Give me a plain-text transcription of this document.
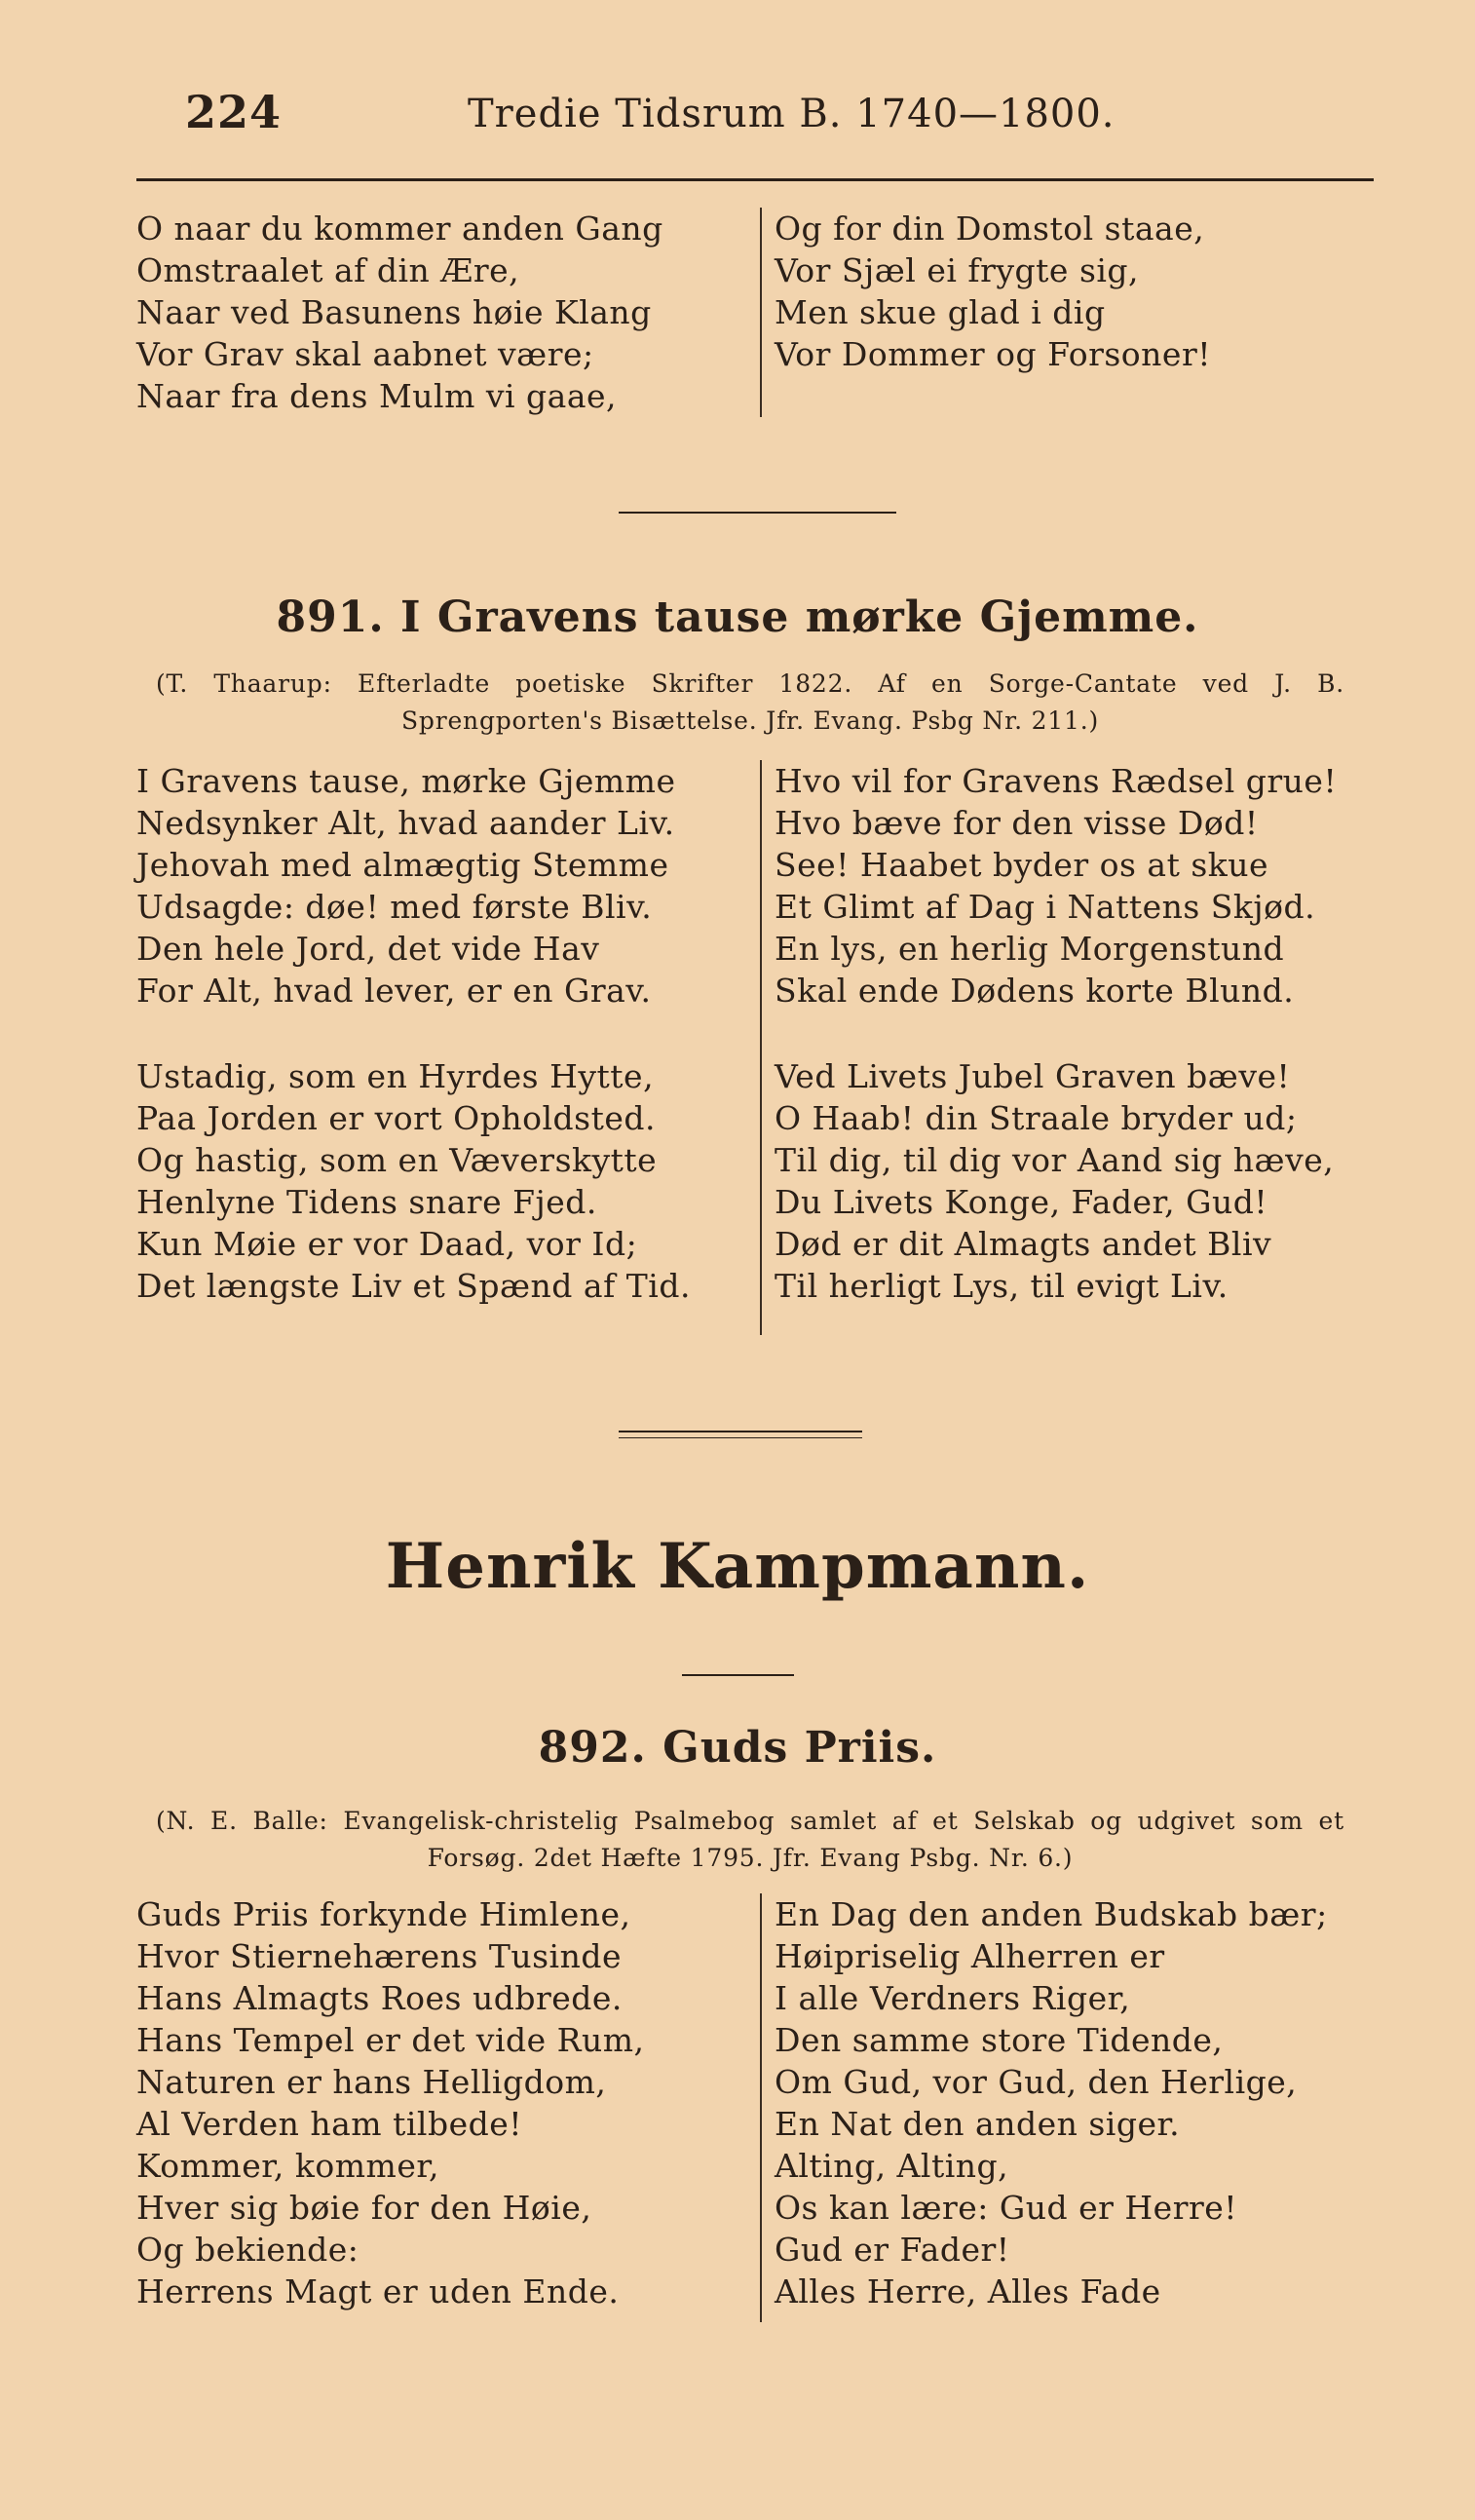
224	Tredie Tidsrum B. 1740—1800.
O naar du kommer anden Gang
Omstraalet af din Ære,
Naar ved Basunens høie Klang
Vor Grav skal aabnet være;
Naar fra dens Mulm vi gaae,
Og for din Domstol staae,
Vor Sjæl ei frygte sig,
Men skue glad i dig
Vor Dommer og Forsoner!
891. I Gravens tause mørke Gjemme.
(T. Thaarup: Efterladte poetiske Skrifter 1822. Af en Sorge-Cantate ved J. B. Sprengporten's Bisættelse. Jfr. Evang. Psbg Nr. 211.)
I Gravens tause, mørke Gjemme
Nedsynker Alt, hvad aander Liv.
Jehovah med almægtig Stemme
Udsagde: døe! med første Bliv.
Den hele Jord, det vide Hav
For Alt, hvad lever, er en Grav.
Ustadig, som en Hyrdes Hytte,
Paa Jorden er vort Opholdsted.
Og hastig, som en Væverskytte
Henlyne Tidens snare Fjed.
Kun Møie er vor Daad, vor Id;
Det længste Liv et Spænd af Tid.
Hvo vil for Gravens Rædsel grue!
Hvo bæve for den visse Død!
See! Haabet byder os at skue
Et Glimt af Dag i Nattens Skjød.
En lys, en herlig Morgenstund
Skal ende Dødens korte Blund.
Ved Livets Jubel Graven bæve!
O Haab! din Straale bryder ud;
Til dig, til dig vor Aand sig hæve,
Du Livets Konge, Fader, Gud!
Død er dit Almagts andet Bliv
Til herligt Lys, til evigt Liv.
Henrik Kampmann.
892. Guds Priis.
(N. E. Balle: Evangelisk-christelig Psalmebog samlet af et Selskab og udgivet som et Forsøg. 2det Hæfte 1795. Jfr. Evang Psbg. Nr. 6.)
Guds Priis forkynde Himlene,
Hvor Stiernehærens Tusinde
Hans Almagts Roes udbrede.
Hans Tempel er det vide Rum,
Naturen er hans Helligdom,
Al Verden ham tilbede!
Kommer, kommer,
Hver sig bøie for den Høie,
Og bekiende:
Herrens Magt er uden Ende.
En Dag den anden Budskab bær;
Høipriselig Alherren er
I alle Verdners Riger,
Den samme store Tidende,
Om Gud, vor Gud, den Herlige,
En Nat den anden siger.
Alting, Alting,
Os kan lære: Gud er Herre!
Gud er Fader!
Alles Herre, Alles Fade
